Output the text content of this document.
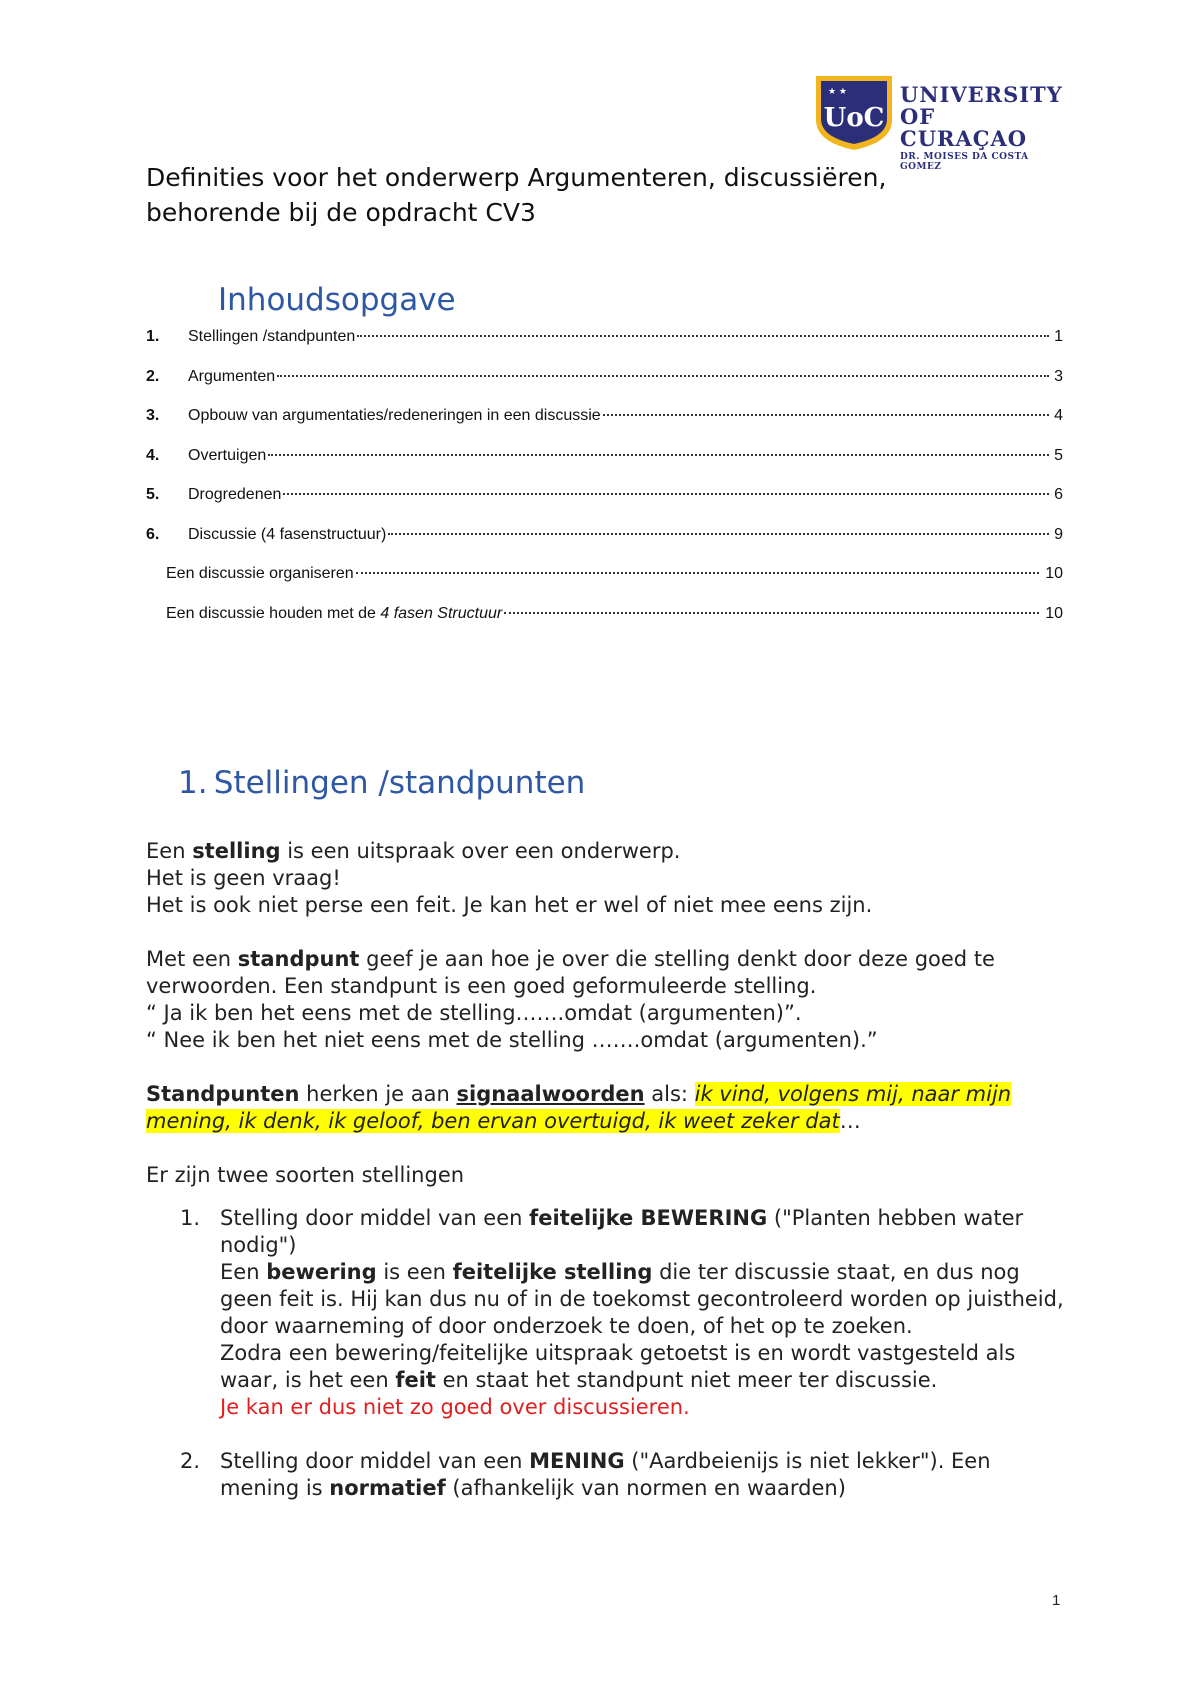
★ ★
UoC
UNIVERSITY
OF CURAÇAO
DR. MOISES DA COSTA GOMEZ
Definities voor het onderwerp Argumenteren, discussiëren,
behorende bij de opdracht CV3
Inhoudsopgave
1.	Stellingen /standpunten	1
2.	Argumenten	3
3.	Opbouw van argumentaties/redeneringen in een discussie	4
4.	Overtuigen	5
5.	Drogredenen	6
6.	Discussie (4 fasenstructuur)	9
Een discussie organiseren	10
Een discussie houden met de 4 fasen Structuur	10
1. Stellingen /standpunten

Een stelling is een uitspraak over een onderwerp.

Het is geen vraag!

Het is ook niet perse een feit. Je kan het er wel of niet mee eens zijn.

Met een standpunt geef je aan hoe je over die stelling denkt door deze goed te verwoorden. Een standpunt is een goed geformuleerde stelling.

“ Ja ik ben het eens met de stelling…….omdat (argumenten)”.

“ Nee ik ben het niet eens met de stelling …….omdat (argumenten).”

Standpunten herken je aan signaalwoorden als: ik vind, volgens mij, naar mijn mening, ik denk, ik geloof, ben ervan overtuigd, ik weet zeker dat…

Er zijn twee soorten stellingen

1. Stelling door middel van een feitelijke BEWERING ("Planten hebben water nodig")
Een bewering is een feitelijke stelling die ter discussie staat, en dus nog geen feit is. Hij kan dus nu of in de toekomst gecontroleerd worden op juistheid, door waarneming of door onderzoek te doen, of het op te zoeken.
Zodra een bewering/feitelijke uitspraak getoetst is en wordt vastgesteld als waar, is het een feit en staat het standpunt niet meer ter discussie.
Je kan er dus niet zo goed over discussieren.
2. Stelling door middel van een MENING ("Aardbeienijs is niet lekker"). Een mening is normatief (afhankelijk van normen en waarden)
1
